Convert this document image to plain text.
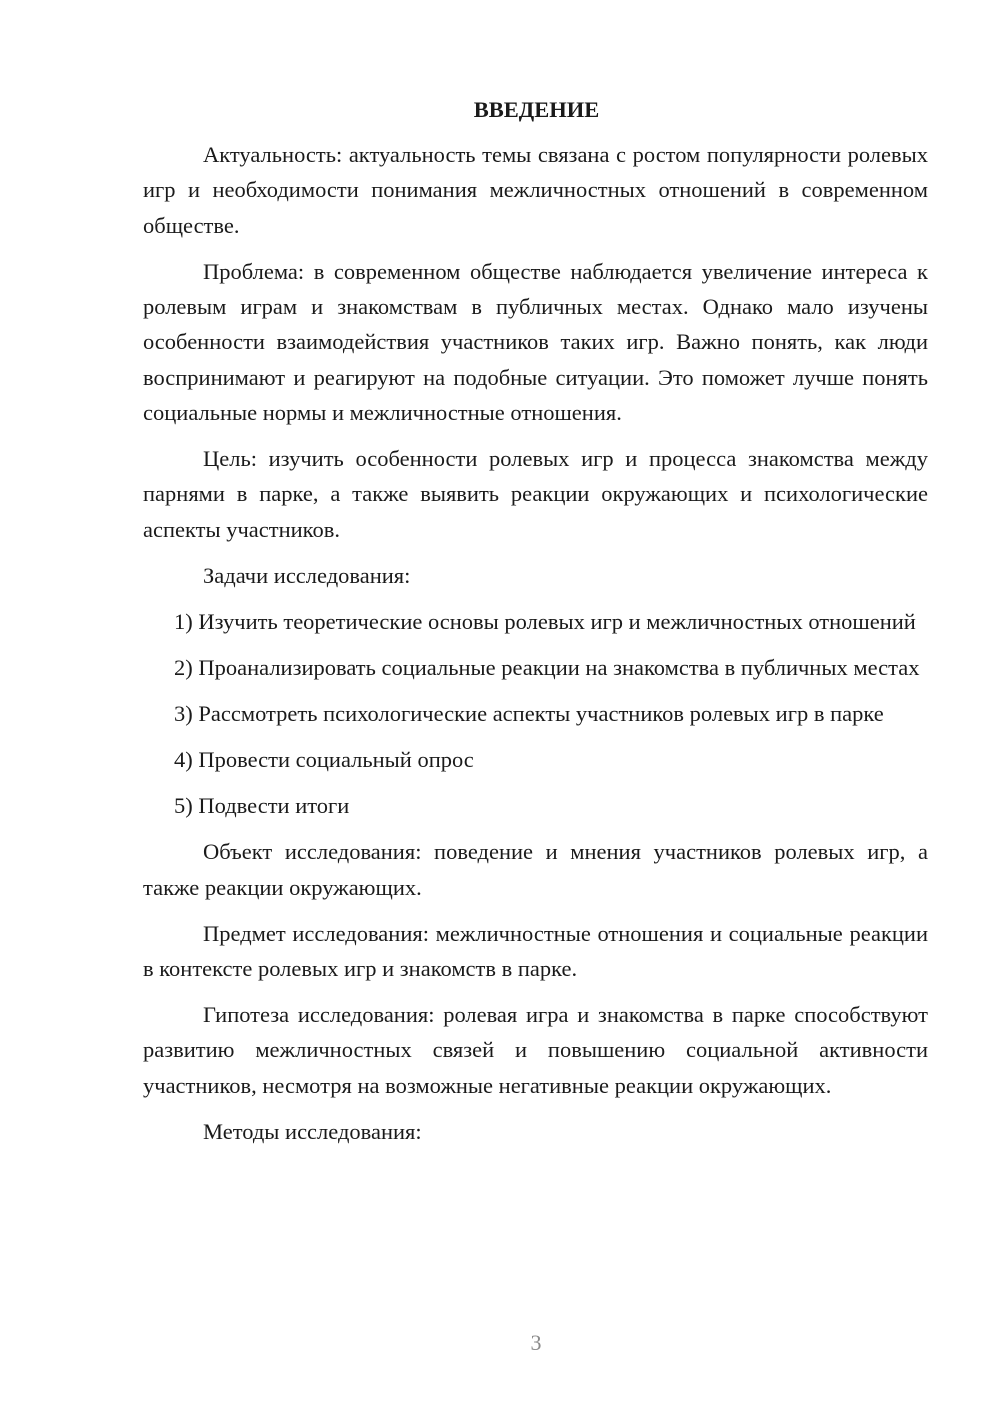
ВВЕДЕНИЕ

Актуальность: актуальность темы связана с ростом популярности ролевых игр и необходимости понимания межличностных отношений в современном обществе.

Проблема: в современном обществе наблюдается увеличение интереса к ролевым играм и знакомствам в публичных местах. Однако мало изучены особенности взаимодействия участников таких игр. Важно понять, как люди воспринимают и реагируют на подобные ситуации. Это поможет лучше понять социальные нормы и межличностные отношения.

Цель: изучить особенности ролевых игр и процесса знакомства между парнями в парке, а также выявить реакции окружающих и психологические аспекты участников.

Задачи исследования:

1) Изучить теоретические основы ролевых игр и межличностных отношений

2) Проанализировать социальные реакции на знакомства в публичных местах

3) Рассмотреть психологические аспекты участников ролевых игр в парке

4) Провести социальный опрос

5) Подвести итоги

Объект исследования: поведение и мнения участников ролевых игр, а также реакции окружающих.

Предмет исследования: межличностные отношения и социальные реакции в контексте ролевых игр и знакомств в парке.

Гипотеза исследования: ролевая игра и знакомства в парке способствуют развитию межличностных связей и повышению социальной активности участников, несмотря на возможные негативные реакции окружающих.

Методы исследования:

3
